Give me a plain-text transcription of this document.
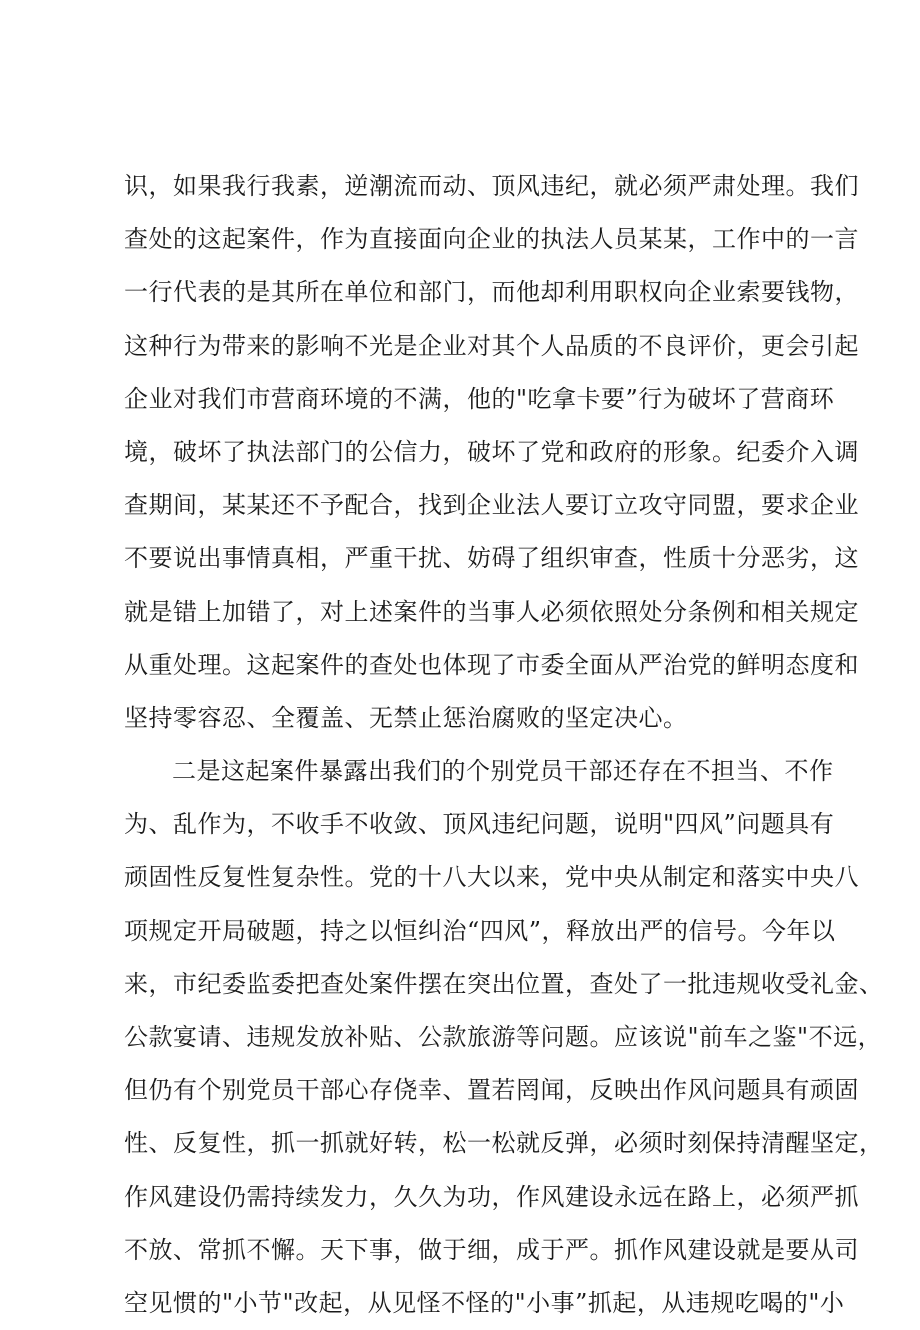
识，如果我行我素，逆潮流而动、顶风违纪，就必须严肃处理。我们
查处的这起案件，作为直接面向企业的执法人员某某，工作中的一言
一行代表的是其所在单位和部门，而他却利用职权向企业索要钱物，
这种行为带来的影响不光是企业对其个人品质的不良评价，更会引起
企业对我们市营商环境的不满，他的"吃拿卡要”行为破坏了营商环
境，破坏了执法部门的公信力，破坏了党和政府的形象。纪委介入调
查期间，某某还不予配合，找到企业法人要订立攻守同盟，要求企业
不要说出事情真相，严重干扰、妨碍了组织审查，性质十分恶劣，这
就是错上加错了，对上述案件的当事人必须依照处分条例和相关规定
从重处理。这起案件的查处也体现了市委全面从严治党的鲜明态度和
坚持零容忍、全覆盖、无禁止惩治腐败的坚定决心。
二是这起案件暴露出我们的个别党员干部还存在不担当、不作
为、乱作为，不收手不收敛、顶风违纪问题，说明"四风”问题具有
顽固性反复性复杂性。党的十八大以来，党中央从制定和落实中央八
项规定开局破题，持之以恒纠治“四风”，释放出严的信号。今年以
来，市纪委监委把查处案件摆在突出位置，查处了一批违规收受礼金、
公款宴请、违规发放补贴、公款旅游等问题。应该说"前车之鉴"不远，
但仍有个别党员干部心存侥幸、置若罔闻，反映出作风问题具有顽固
性、反复性，抓一抓就好转，松一松就反弹，必须时刻保持清醒坚定，
作风建设仍需持续发力，久久为功，作风建设永远在路上，必须严抓
不放、常抓不懈。天下事，做于细，成于严。抓作风建设就是要从司
空见惯的"小节"改起，从见怪不怪的"小事”抓起，从违规吃喝的"小
